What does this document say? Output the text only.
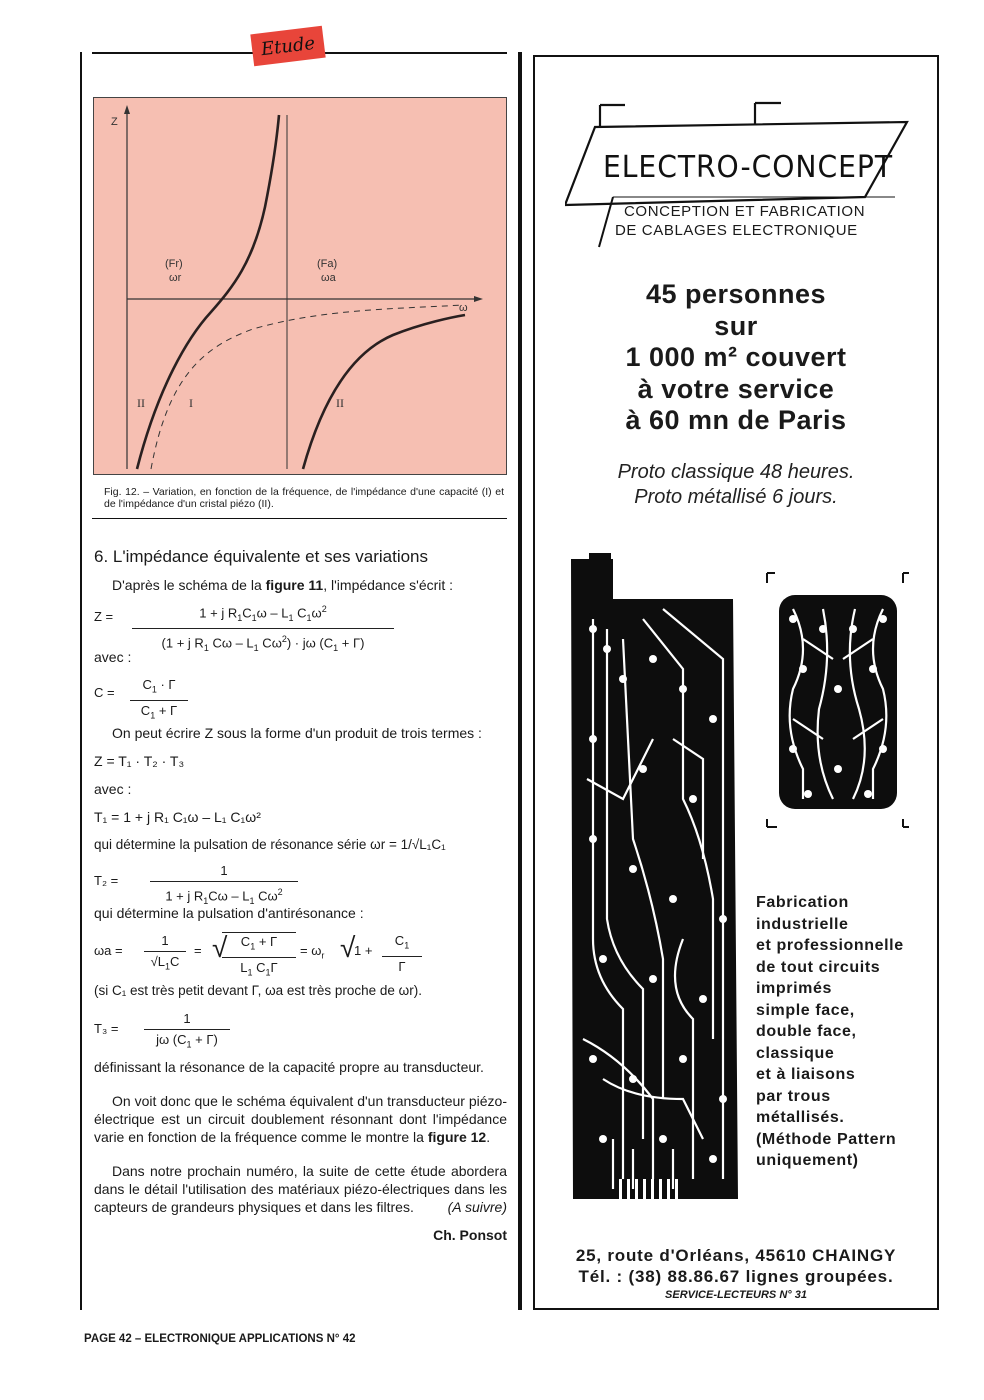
Etude
Z
ω
(Fr)
ωr
(Fa)
ωa
II	I	II
Fig. 12. – Variation, en fonction de la fréquence, de l'impédance d'une capacité (I) et de l'impédance d'un cristal piézo (II).

6. L'impédance équivalente et ses variations

D'après le schéma de la figure 11, l'impédance s'écrit :

$Z = \frac{1 + j R_1C_1\omega - L_1 C_1\omega^2}{(1 + j R_1 C\omega - L_1 C\omega^2) \cdot j\omega (C_1 + \Gamma)}$

avec :

$C = \frac{C_1 \cdot \Gamma}{C_1 + \Gamma}$

On peut écrire Z sous la forme d'un produit de trois termes :

Z = T₁ · T₂ · T₃

avec :

T₁ = 1 + j R₁ C₁ω – L₁ C₁ω²

qui détermine la pulsation de résonance série ωr = 1/√L₁C₁

$T_2 = \frac{1}{1 + j R_1C\omega - L_1 C\omega^2}$

qui détermine la pulsation d'antirésonance :

$\omega a = \frac{1}{√L_1C} = \frac{C_1 + \Gamma}{L_1 C_1\Gamma}$
√	= $\omega_r$ √
$1 + \frac{C_1}{\Gamma}$

(si C₁ est très petit devant Γ, ωa est très proche de ωr).

$T_3 = \frac{1}{j\omega (C_1 + \Gamma)}$

définissant la résonance de la capacité propre au transducteur.

On voit donc que le schéma équivalent d'un transducteur piézo-électrique est un circuit doublement résonnant dont l'impédance varie en fonction de la fréquence comme le montre la figure 12.

Dans notre prochain numéro, la suite de cette étude abordera dans le détail l'utilisation des matériaux piézo-électriques dans les capteurs de grandeurs physiques et dans les filtres.	(A suivre)

Ch. Ponsot

ELECTRO-CONCEPT
CONCEPTION ET FABRICATION
DE CABLAGES ELECTRONIQUE
45 personnes
sur
1 000 m² couvert
à votre service
à 60 mn de Paris
Proto classique 48 heures.
Proto métallisé 6 jours.
Fabrication
industrielle
et professionnelle
de tout circuits
imprimés
simple face,
double face,
classique
et à liaisons
par trous
métallisés.
(Méthode Pattern
uniquement)
25, route d'Orléans, 45610 CHAINGY
Tél. : (38) 88.86.67 lignes groupées.
SERVICE-LECTEURS N° 31
PAGE 42 – ELECTRONIQUE APPLICATIONS N° 42
